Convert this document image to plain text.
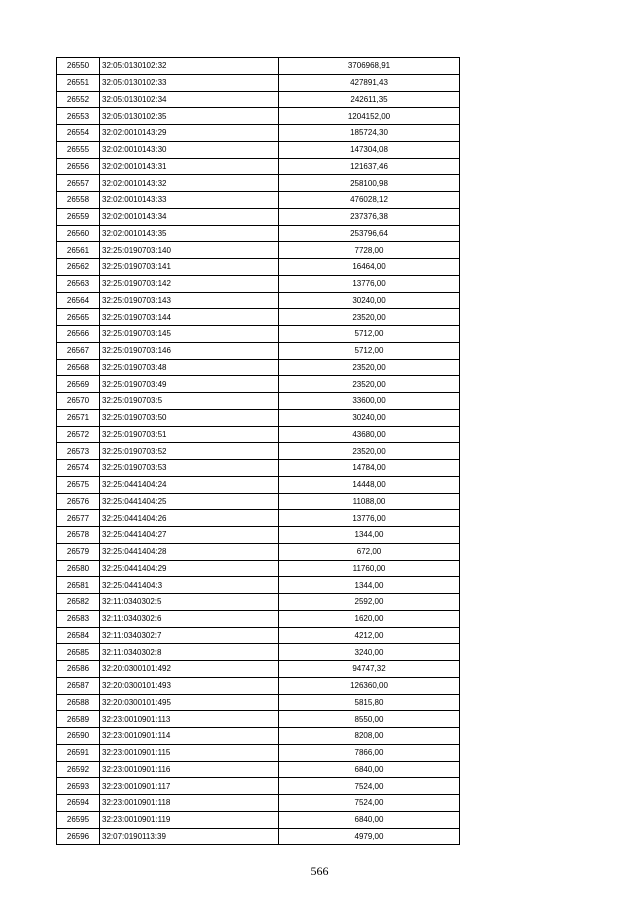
26550	32:05:0130102:32	3706968,91
26551	32:05:0130102:33	427891,43
26552	32:05:0130102:34	242611,35
26553	32:05:0130102:35	1204152,00
26554	32:02:0010143:29	185724,30
26555	32:02:0010143:30	147304,08
26556	32:02:0010143:31	121637,46
26557	32:02:0010143:32	258100,98
26558	32:02:0010143:33	476028,12
26559	32:02:0010143:34	237376,38
26560	32:02:0010143:35	253796,64
26561	32:25:0190703:140	7728,00
26562	32:25:0190703:141	16464,00
26563	32:25:0190703:142	13776,00
26564	32:25:0190703:143	30240,00
26565	32:25:0190703:144	23520,00
26566	32:25:0190703:145	5712,00
26567	32:25:0190703:146	5712,00
26568	32:25:0190703:48	23520,00
26569	32:25:0190703:49	23520,00
26570	32:25:0190703:5	33600,00
26571	32:25:0190703:50	30240,00
26572	32:25:0190703:51	43680,00
26573	32:25:0190703:52	23520,00
26574	32:25:0190703:53	14784,00
26575	32:25:0441404:24	14448,00
26576	32:25:0441404:25	11088,00
26577	32:25:0441404:26	13776,00
26578	32:25:0441404:27	1344,00
26579	32:25:0441404:28	672,00
26580	32:25:0441404:29	11760,00
26581	32:25:0441404:3	1344,00
26582	32:11:0340302:5	2592,00
26583	32:11:0340302:6	1620,00
26584	32:11:0340302:7	4212,00
26585	32:11:0340302:8	3240,00
26586	32:20:0300101:492	94747,32
26587	32:20:0300101:493	126360,00
26588	32:20:0300101:495	5815,80
26589	32:23:0010901:113	8550,00
26590	32:23:0010901:114	8208,00
26591	32:23:0010901:115	7866,00
26592	32:23:0010901:116	6840,00
26593	32:23:0010901:117	7524,00
26594	32:23:0010901:118	7524,00
26595	32:23:0010901:119	6840,00
26596	32:07:0190113:39	4979,00
566
